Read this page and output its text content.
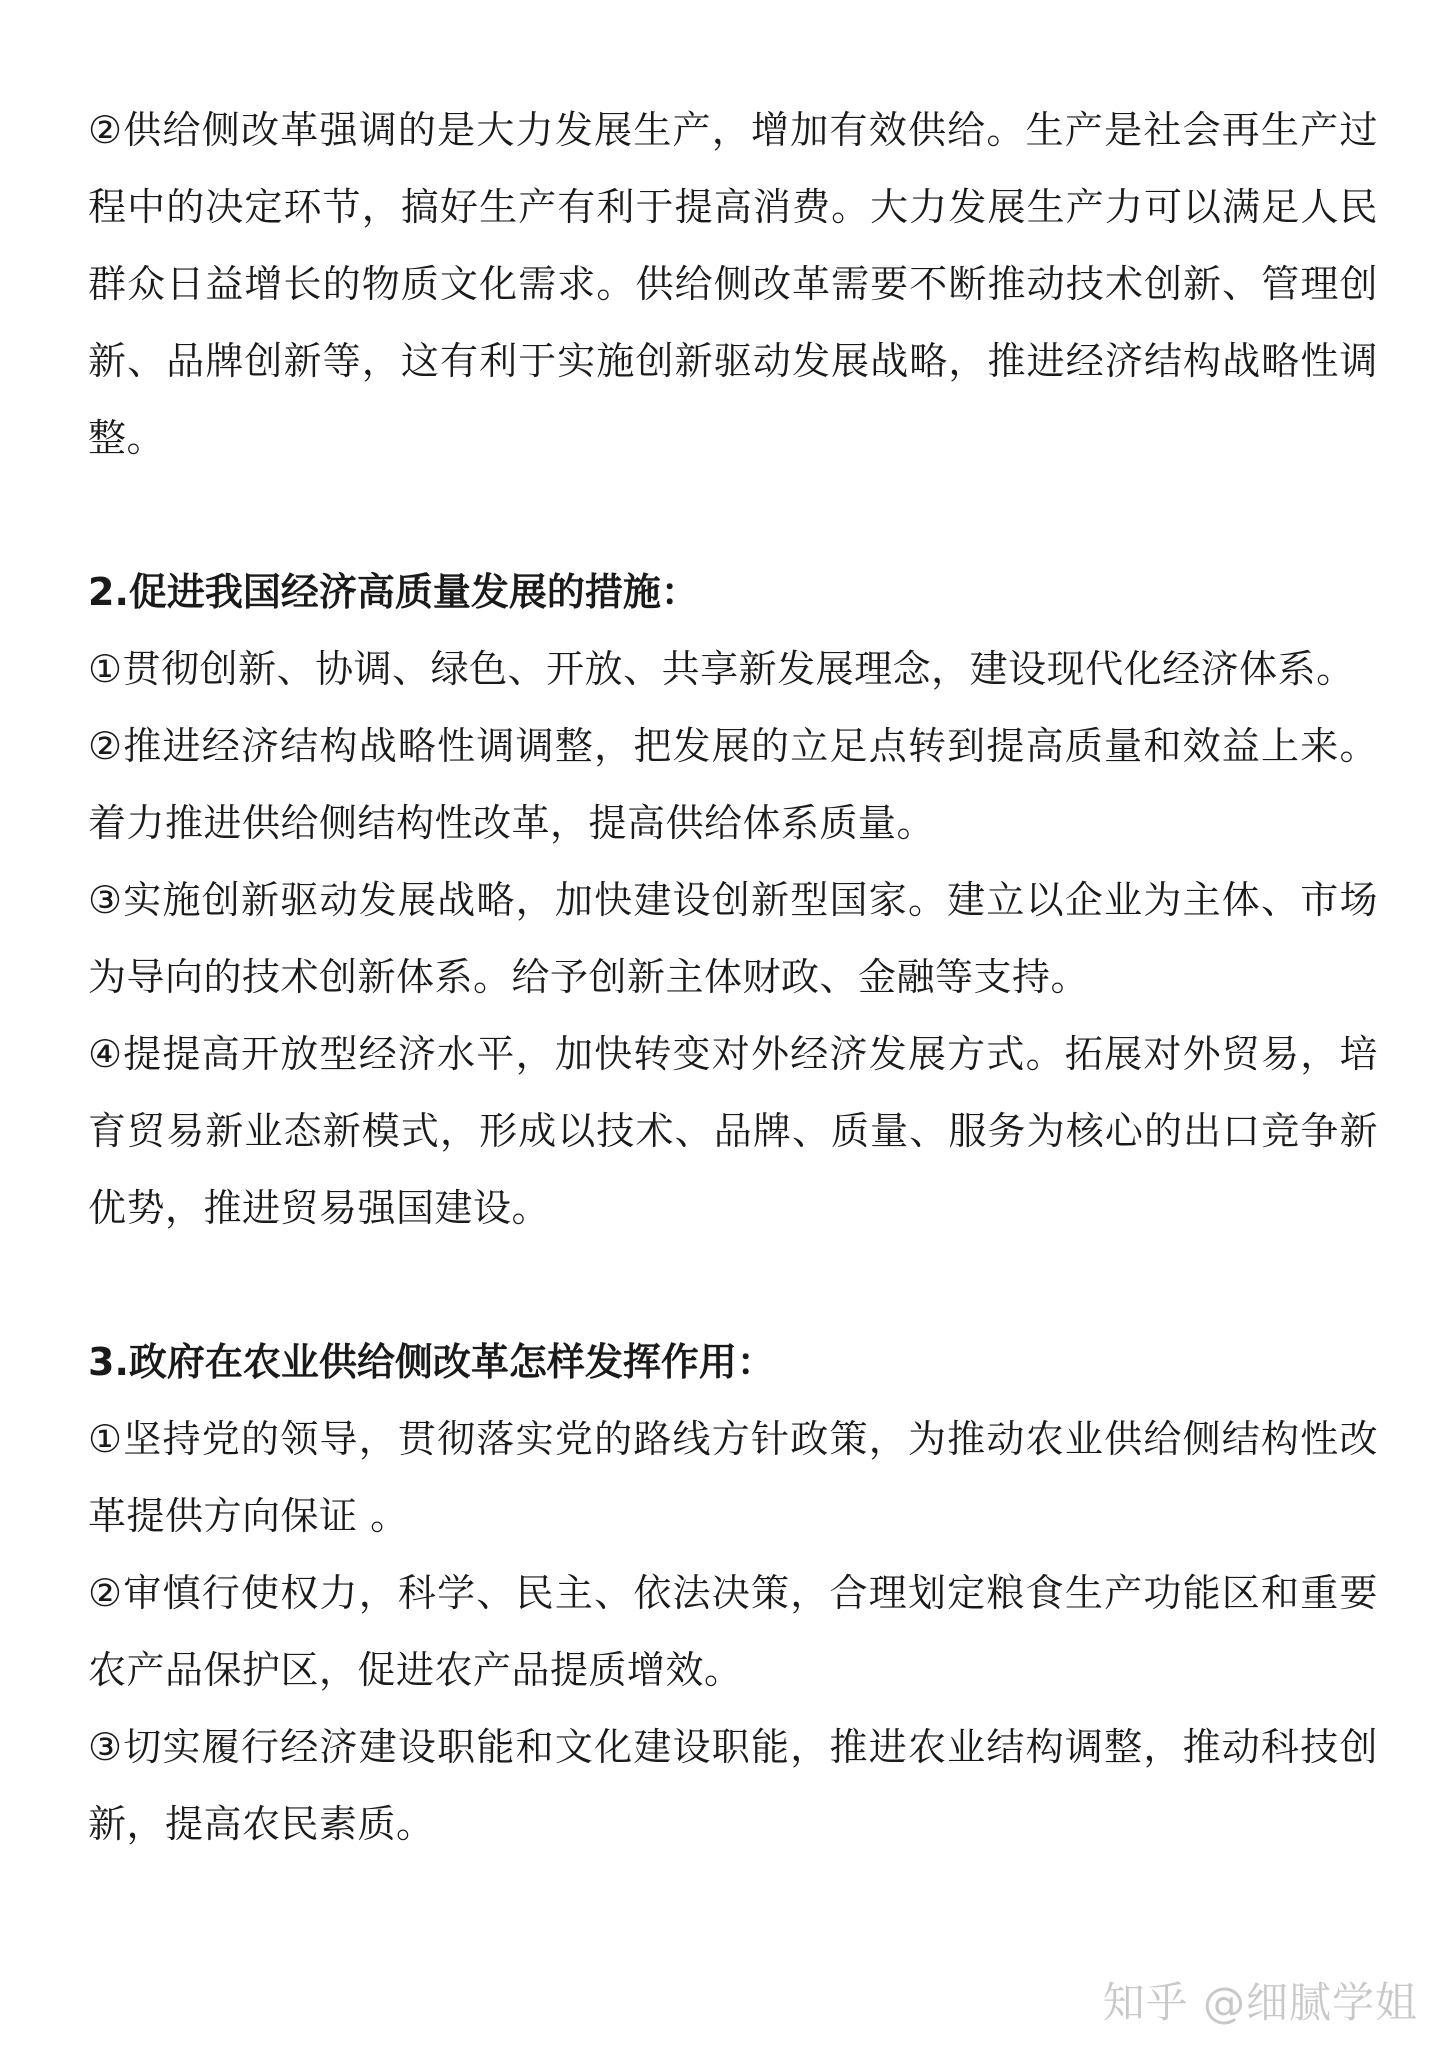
②供给侧改革强调的是大力发展生产，增加有效供给。生产是社会再生产过程中的决定环节，搞好生产有利于提高消费。大力发展生产力可以满足人民群众日益增长的物质文化需求。供给侧改革需要不断推动技术创新、管理创新、品牌创新等，这有利于实施创新驱动发展战略，推进经济结构战略性调整。

2.促进我国经济高质量发展的措施：

①贯彻创新、协调、绿色、开放、共享新发展理念，建设现代化经济体系。

②推进经济结构战略性调调整，把发展的立足点转到提高质量和效益上来。着力推进供给侧结构性改革，提高供给体系质量。

③实施创新驱动发展战略，加快建设创新型国家。建立以企业为主体、市场为导向的技术创新体系。给予创新主体财政、金融等支持。

④提提高开放型经济水平，加快转变对外经济发展方式。拓展对外贸易，培育贸易新业态新模式，形成以技术、品牌、质量、服务为核心的出口竞争新优势，推进贸易强国建设。

3.政府在农业供给侧改革怎样发挥作用：

①坚持党的领导，贯彻落实党的路线方针政策，为推动农业供给侧结构性改革提供方向保证 。

②审慎行使权力，科学、民主、依法决策，合理划定粮食生产功能区和重要农产品保护区，促进农产品提质增效。

③切实履行经济建设职能和文化建设职能，推进农业结构调整，推动科技创新，提高农民素质。

知乎 @细腻学姐
